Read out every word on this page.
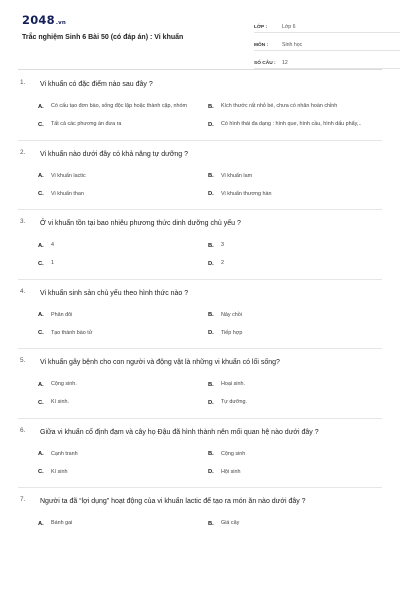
2048.vn
Trắc nghiệm Sinh 6 Bài 50 (có đáp án) : Vi khuẩn
LỚP :	Lớp 6
MÔN :	Sinh học
SỐ CÂU :	12
1. Vi khuẩn có đặc điểm nào sau đây ?
A.	Có cấu tạo đơn bào, sống độc lập hoặc thành cặp, nhóm	B.	Kích thước rất nhỏ bé, chưa có nhân hoàn chỉnh
C.	Tất cả các phương án đưa ra	D.	Có hình thái đa dạng : hình que, hình cầu, hình dấu phẩy,..
2. Vi khuẩn nào dưới đây có khả năng tự dưỡng ?
A.	Vi khuẩn lactic	B.	Vi khuẩn lam
C.	Vi khuẩn than	D.	Vi khuẩn thương hàn
3. Ở vi khuẩn tồn tại bao nhiêu phương thức dinh dưỡng chủ yếu ?
A.	4	B.	3
C.	1	D.	2
4. Vi khuẩn sinh sản chủ yếu theo hình thức nào ?
A.	Phân đôi	B.	Nảy chồi
C.	Tạo thành bào tử	D.	Tiếp hợp
5. Vi khuẩn gây bệnh cho con người và động vật là những vi khuẩn có lối sống?
A.	Cộng sinh.	B.	Hoại sinh.
C.	Kí sinh.	D.	Tự dưỡng.
6. Giữa vi khuẩn cố định đạm và cây họ Đậu đã hình thành nên mối quan hệ nào dưới đây ?
A.	Cạnh tranh	B.	Cộng sinh
C.	Kí sinh	D.	Hội sinh
7. Người ta đã “lợi dụng” hoạt động của vi khuẩn lactic để tạo ra món ăn nào dưới đây ?
A.	Bánh gai	B.	Giá cây
